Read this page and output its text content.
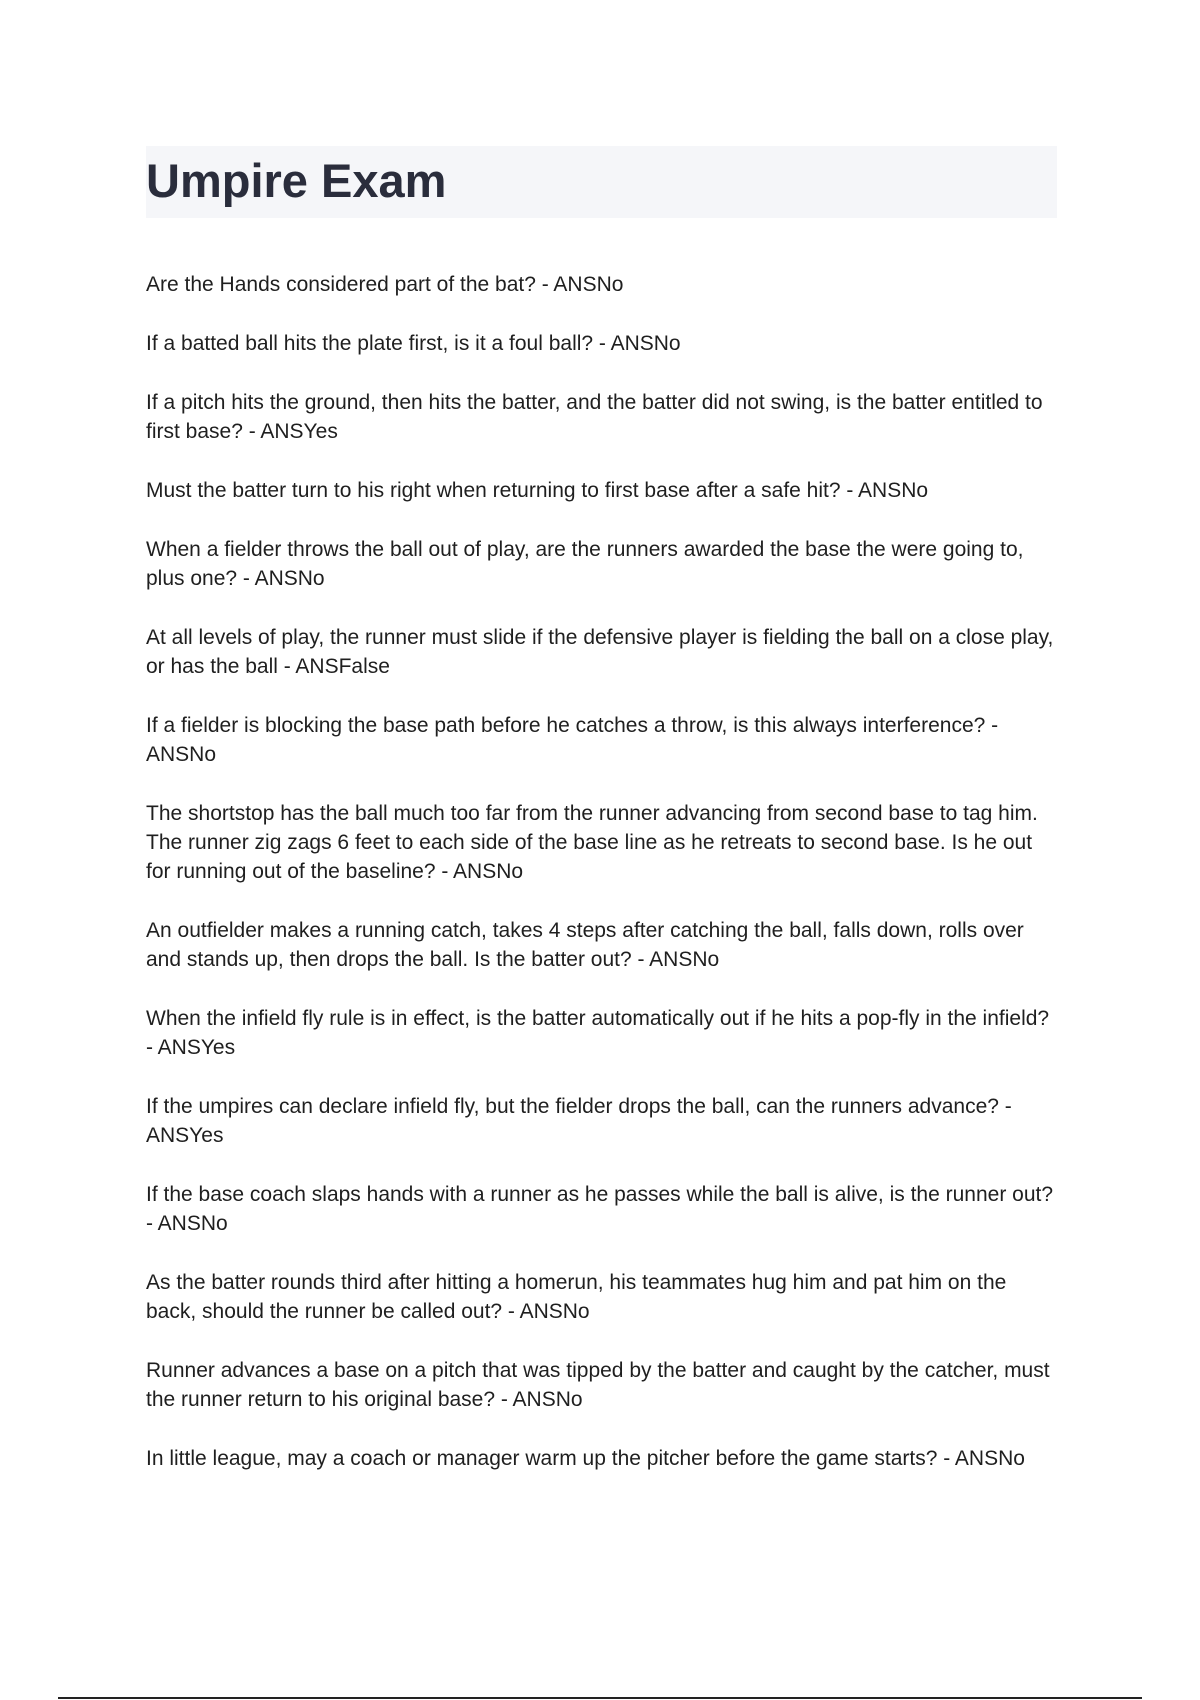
Umpire Exam
Are the Hands considered part of the bat? - ANSNo
If a batted ball hits the plate first, is it a foul ball? - ANSNo
If a pitch hits the ground, then hits the batter, and the batter did not swing, is the batter entitled to first base? - ANSYes
Must the batter turn to his right when returning to first base after a safe hit? - ANSNo
When a fielder throws the ball out of play, are the runners awarded the base the were going to, plus one? - ANSNo
At all levels of play, the runner must slide if the defensive player is fielding the ball on a close play, or has the ball - ANSFalse
If a fielder is blocking the base path before he catches a throw, is this always interference? - ANSNo
The shortstop has the ball much too far from the runner advancing from second base to tag him. The runner zig zags 6 feet to each side of the base line as he retreats to second base. Is he out for running out of the baseline? - ANSNo
An outfielder makes a running catch, takes 4 steps after catching the ball, falls down, rolls over and stands up, then drops the ball. Is the batter out? - ANSNo
When the infield fly rule is in effect, is the batter automatically out if he hits a pop-fly in the infield? - ANSYes
If the umpires can declare infield fly, but the fielder drops the ball, can the runners advance? - ANSYes
If the base coach slaps hands with a runner as he passes while the ball is alive, is the runner out? - ANSNo
As the batter rounds third after hitting a homerun, his teammates hug him and pat him on the back, should the runner be called out? - ANSNo
Runner advances a base on a pitch that was tipped by the batter and caught by the catcher, must the runner return to his original base? - ANSNo
In little league, may a coach or manager warm up the pitcher before the game starts? - ANSNo
